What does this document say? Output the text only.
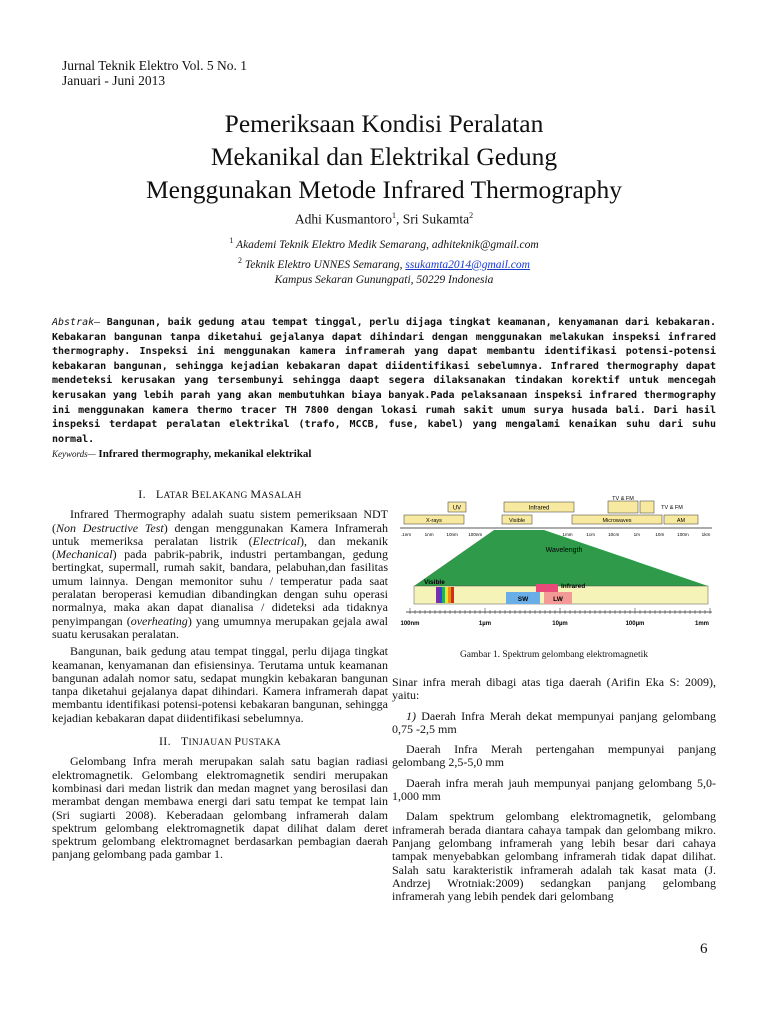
Jurnal Teknik Elektro Vol. 5 No. 1
Januari - Juni 2013
Pemeriksaan Kondisi Peralatan
Mekanikal dan Elektrikal Gedung
Menggunakan Metode Infrared Thermography
Adhi Kusmantoro$^1$, Sri Sukamta$^2$
$^1$ Akademi Teknik Elektro Medik Semarang, adhiteknik@gmail.com
$^2$ Teknik Elektro UNNES Semarang, ssukamta2014@gmail.com
Kampus Sekaran Gunungpati, 50229 Indonesia
Abstrak— Bangunan, baik gedung atau tempat tinggal, perlu dijaga tingkat keamanan, kenyamanan dari kebakaran. Kebakaran bangunan tanpa diketahui gejalanya dapat dihindari dengan menggunakan melakukan inspeksi infrared thermography. Inspeksi ini menggunakan kamera inframerah yang dapat membantu identifikasi potensi-potensi kebakaran bangunan, sehingga kejadian kebakaran dapat diidentifikasi sebelumnya. Infrared thermography dapat mendeteksi kerusakan yang tersembunyi sehingga daapt segera dilaksanakan tindakan korektif untuk mencegah kerusakan yang lebih parah yang akan membutuhkan biaya banyak.Pada pelaksanaan inspeksi infrared thermography ini menggunakan kamera thermo tracer TH 7800 dengan lokasi rumah sakit umum surya husada bali. Dari hasil inspeksi terdapat peralatan elektrikal (trafo, MCCB, fuse, kabel) yang mengalami kenaikan suhu dari suhu normal.
Keywords— Infrared thermography, mekanikal elektrikal

I. LATAR BELAKANG MASALAH

Infrared Thermography adalah suatu sistem pemeriksaan NDT (Non Destructive Test) dengan menggunakan Kamera Inframerah untuk memeriksa peralatan listrik (Electrical), dan mekanik (Mechanical) pada pabrik-pabrik, industri pertambangan, gedung bertingkat, supermall, rumah sakit, bandara, pelabuhan,dan fasilitas umum lainnya. Dengan memonitor suhu / temperatur pada saat peralatan beroperasi kemudian dibandingkan dengan suhu operasi normalnya, maka akan dapat dianalisa / dideteksi ada tidaknya penyimpangan (overheating) yang umumnya merupakan gejala awal suatu kerusakan peralatan.

Bangunan, baik gedung atau tempat tinggal, perlu dijaga tingkat keamanan, kenyamanan dan efisiensinya. Terutama untuk keamanan bangunan adalah nomor satu, sedapat mungkin kebakaran bangunan tanpa diketahui gejalanya dapat dihindari. Kamera inframerah dapat membantu identifikasi potensi-potensi kebakaran bangunan, sehingga kejadian kebakaran dapat diidentifikasi sebelumnya.

II. TINJAUAN PUSTAKA

Gelombang Infra merah merupakan salah satu bagian radiasi elektromagnetik. Gelombang elektromagnetik sendiri merupakan kombinasi dari medan listrik dan medan magnet yang berosilasi dan merambat dengan membawa energi dari satu tempat ke tempat lain (Sri sugiarti 2008). Keberadaan gelombang inframerah dalam spektrum gelombang elektromagnetik dapat dilihat dalam deret spektrum gelombang elektromagnet berdasarkan pembagian daerah panjang gelombang pada gambar 1.

UV	Infrared
TV & FM
TV & FM
X-rays	Visible	Microwaves	AM
.1nm	1nm	10nm 100nm	1mm	1cm	10cm	1m	10m	100m	1km
Wavelength
Visible
Infrared
SW	LW
100nm	1µm	10µm	100µm	1mm
Gambar 1. Spektrum gelombang elektromagnetik

Sinar infra merah dibagi atas tiga daerah (Arifin Eka S: 2009), yaitu:

1) Daerah Infra Merah dekat mempunyai panjang gelombang 0,75 -2,5 mm

Daerah Infra Merah pertengahan mempunyai panjang gelombang 2,5-5,0 mm

Daerah infra merah jauh mempunyai panjang gelombang 5,0-1,000 mm

Dalam spektrum gelombang elektromagnetik, gelombang inframerah berada diantara cahaya tampak dan gelombang mikro. Panjang gelombang inframerah yang lebih besar dari cahaya tampak menyebabkan gelombang inframerah tidak dapat dilihat. Salah satu karakteristik inframerah adalah tak kasat mata (J. Andrzej Wrotniak:2009) sedangkan panjang gelombang inframerah yang lebih pendek dari gelombang

6
